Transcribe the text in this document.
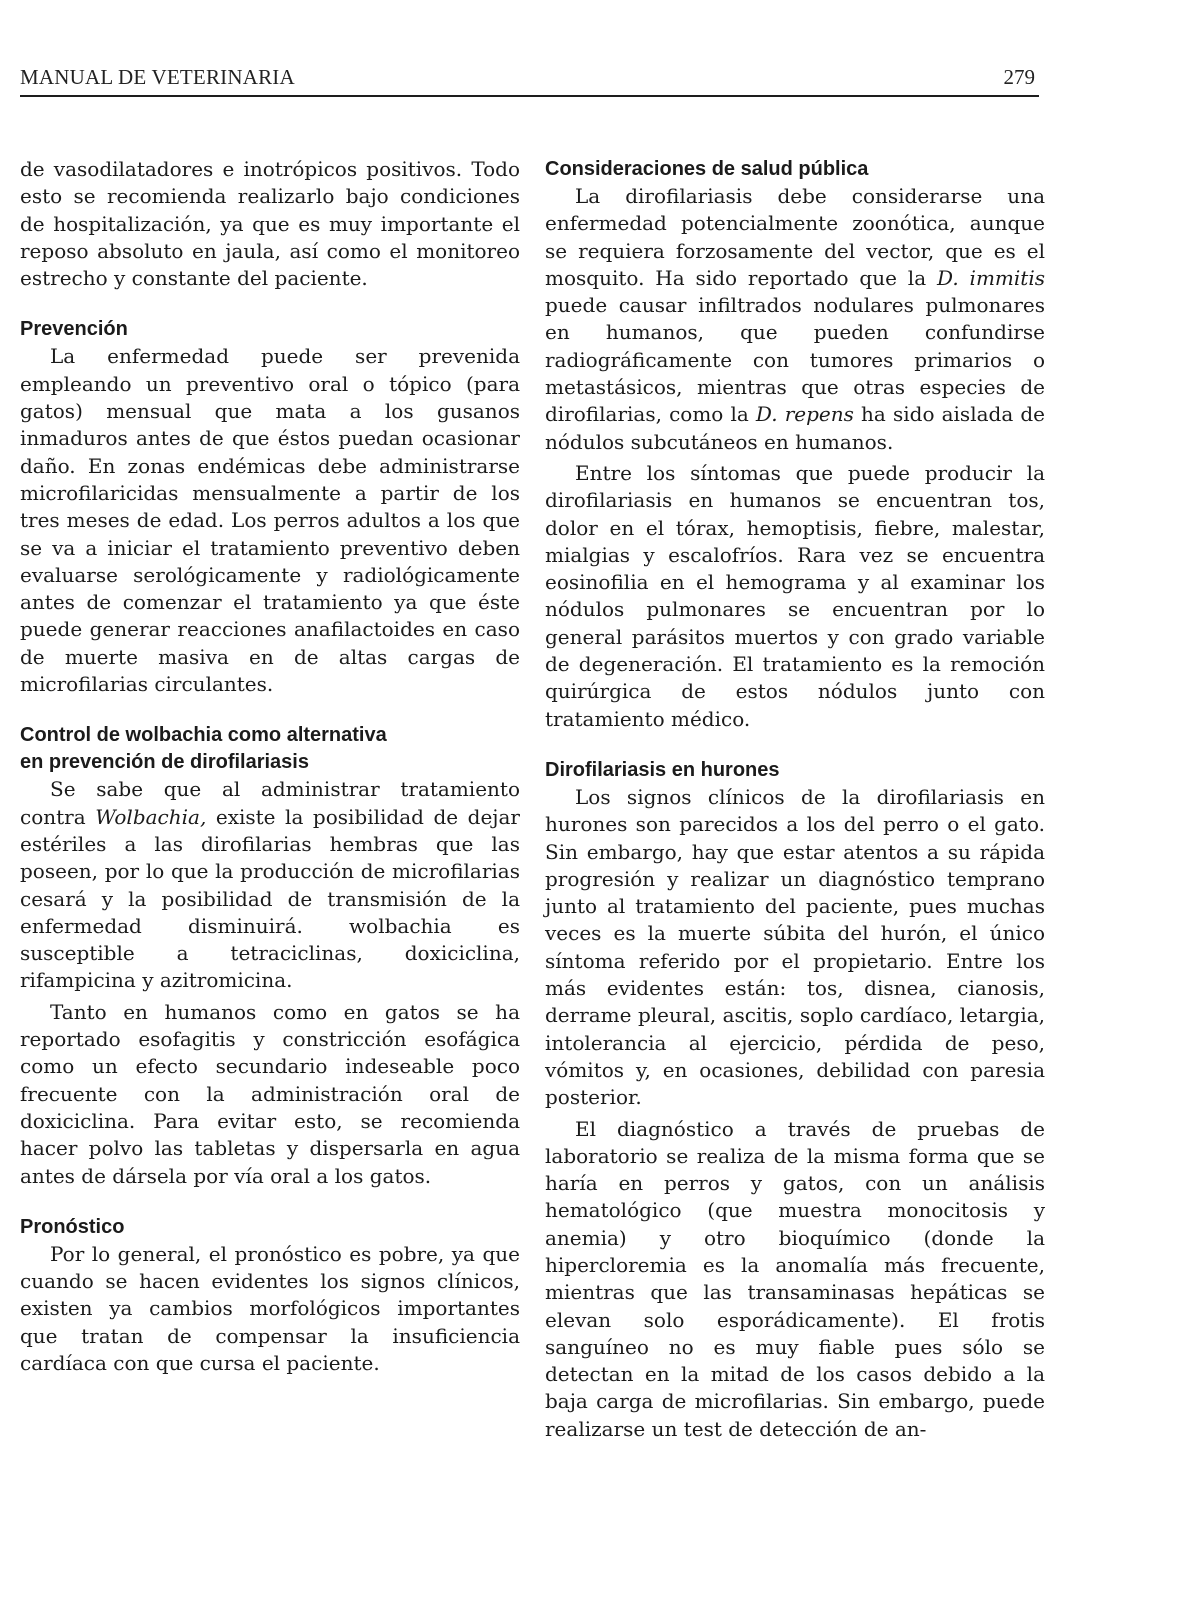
MANUAL DE VETERINARIA	279

de vasodilatadores e inotrópicos positivos. Todo esto se recomienda realizarlo bajo condiciones de hospitalización, ya que es muy importante el reposo absoluto en jaula, así como el monitoreo estrecho y constante del paciente.

Prevención

La enfermedad puede ser prevenida empleando un preventivo oral o tópico (para gatos) mensual que mata a los gusanos inmaduros antes de que éstos puedan ocasionar daño. En zonas endémicas debe administrarse microfilaricidas mensualmente a partir de los tres meses de edad. Los perros adultos a los que se va a iniciar el tratamiento preventivo deben evaluarse serológicamente y radiológicamente antes de comenzar el tratamiento ya que éste puede generar reacciones anafilactoides en caso de muerte masiva en de altas cargas de microfilarias circulantes.

Control de wolbachia como alternativa
en prevención de dirofilariasis

Se sabe que al administrar tratamiento contra Wolbachia, existe la posibilidad de dejar estériles a las dirofilarias hembras que las poseen, por lo que la producción de microfilarias cesará y la posibilidad de transmisión de la enfermedad disminuirá. wolbachia es susceptible a tetraciclinas, doxiciclina, rifampicina y azitromicina.

Tanto en humanos como en gatos se ha reportado esofagitis y constricción esofágica como un efecto secundario indeseable poco frecuente con la administración oral de doxiciclina. Para evitar esto, se recomienda hacer polvo las tabletas y dispersarla en agua antes de dársela por vía oral a los gatos.

Pronóstico

Por lo general, el pronóstico es pobre, ya que cuando se hacen evidentes los signos clínicos, existen ya cambios morfológicos importantes que tratan de compensar la insuficiencia cardíaca con que cursa el paciente.

Consideraciones de salud pública

La dirofilariasis debe considerarse una enfermedad potencialmente zoonótica, aunque se requiera forzosamente del vector, que es el mosquito. Ha sido reportado que la D. immitis puede causar infiltrados nodulares pulmonares en humanos, que pueden confundirse radiográficamente con tumores primarios o metastásicos, mientras que otras especies de dirofilarias, como la D. repens ha sido aislada de nódulos subcutáneos en humanos.

Entre los síntomas que puede producir la dirofilariasis en humanos se encuentran tos, dolor en el tórax, hemoptisis, fiebre, malestar, mialgias y escalofríos. Rara vez se encuentra eosinofilia en el hemograma y al examinar los nódulos pulmonares se encuentran por lo general parásitos muertos y con grado variable de degeneración. El tratamiento es la remoción quirúrgica de estos nódulos junto con tratamiento médico.

Dirofilariasis en hurones

Los signos clínicos de la dirofilariasis en hurones son parecidos a los del perro o el gato. Sin embargo, hay que estar atentos a su rápida progresión y realizar un diagnóstico temprano junto al tratamiento del paciente, pues muchas veces es la muerte súbita del hurón, el único síntoma referido por el propietario. Entre los más evidentes están: tos, disnea, cianosis, derrame pleural, ascitis, soplo cardíaco, letargia, intolerancia al ejercicio, pérdida de peso, vómitos y, en ocasiones, debilidad con paresia posterior.

El diagnóstico a través de pruebas de laboratorio se realiza de la misma forma que se haría en perros y gatos, con un análisis hematológico (que muestra monocitosis y anemia) y otro bioquímico (donde la hipercloremia es la anomalía más frecuente, mientras que las transaminasas hepáticas se elevan solo esporádicamente). El frotis sanguíneo no es muy fiable pues sólo se detectan en la mitad de los casos debido a la baja carga de microfilarias. Sin embargo, puede realizarse un test de detección de an-
